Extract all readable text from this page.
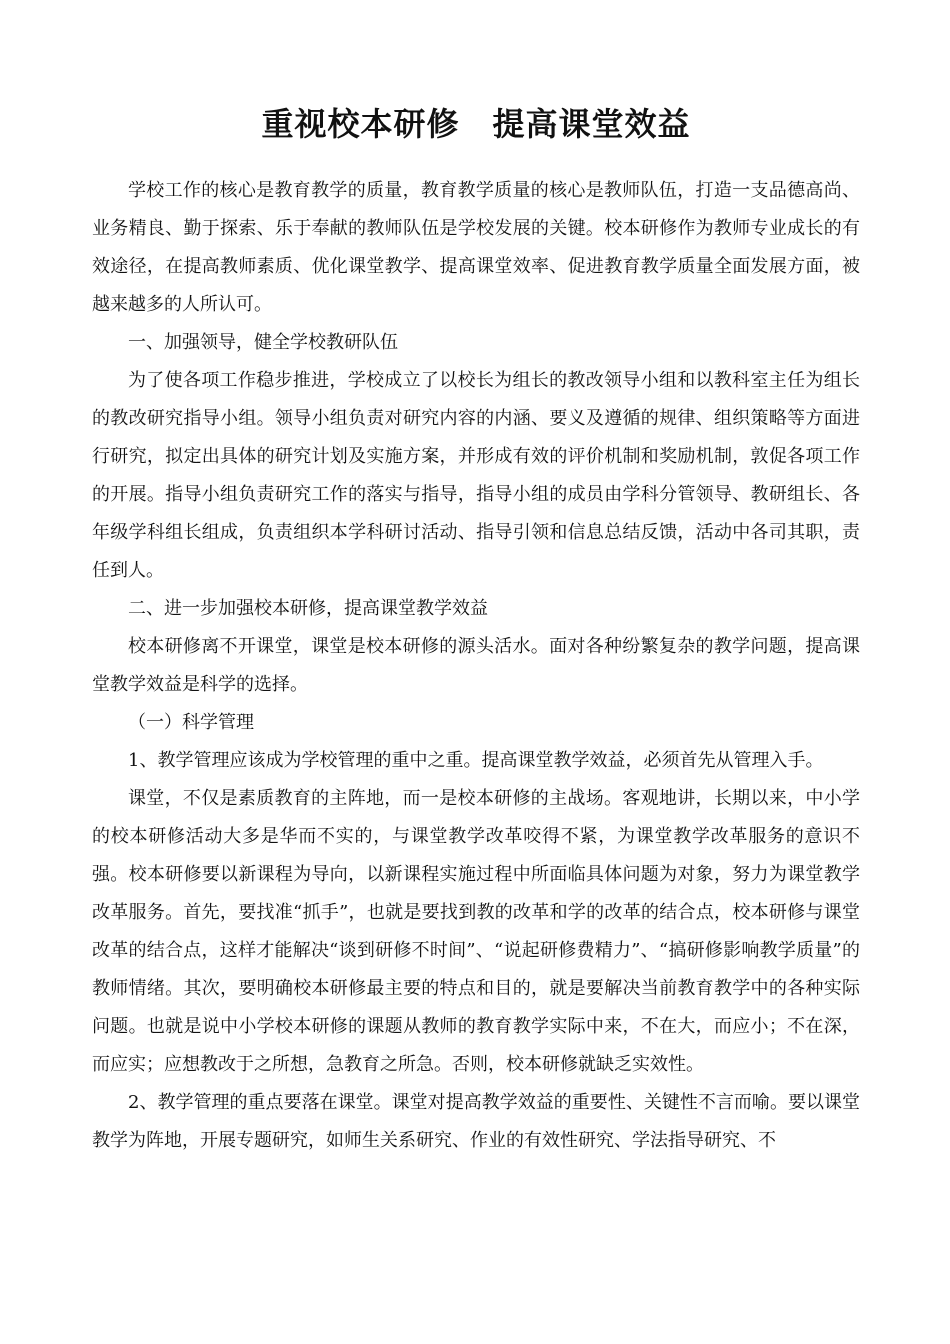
重视校本研修　提高课堂效益

学校工作的核心是教育教学的质量，教育教学质量的核心是教师队伍，打造一支品德高尚、业务精良、勤于探索、乐于奉献的教师队伍是学校发展的关键。校本研修作为教师专业成长的有效途径，在提高教师素质、优化课堂教学、提高课堂效率、促进教育教学质量全面发展方面，被越来越多的人所认可。

一、加强领导，健全学校教研队伍

为了使各项工作稳步推进，学校成立了以校长为组长的教改领导小组和以教科室主任为组长的教改研究指导小组。领导小组负责对研究内容的内涵、要义及遵循的规律、组织策略等方面进行研究，拟定出具体的研究计划及实施方案，并形成有效的评价机制和奖励机制，敦促各项工作的开展。指导小组负责研究工作的落实与指导，指导小组的成员由学科分管领导、教研组长、各年级学科组长组成，负责组织本学科研讨活动、指导引领和信息总结反馈，活动中各司其职，责任到人。

二、进一步加强校本研修，提高课堂教学效益

校本研修离不开课堂，课堂是校本研修的源头活水。面对各种纷繁复杂的教学问题，提高课堂教学效益是科学的选择。

（一）科学管理

1、教学管理应该成为学校管理的重中之重。提高课堂教学效益，必须首先从管理入手。

课堂，不仅是素质教育的主阵地，而一是校本研修的主战场。客观地讲，长期以来，中小学的校本研修活动大多是华而不实的，与课堂教学改革咬得不紧，为课堂教学改革服务的意识不强。校本研修要以新课程为导向，以新课程实施过程中所面临具体问题为对象，努力为课堂教学改革服务。首先，要找准“抓手”，也就是要找到教的改革和学的改革的结合点，校本研修与课堂改革的结合点，这样才能解决“谈到研修不时间”、“说起研修费精力”、“搞研修影响教学质量”的教师情绪。其次，要明确校本研修最主要的特点和目的，就是要解决当前教育教学中的各种实际问题。也就是说中小学校本研修的课题从教师的教育教学实际中来，不在大，而应小；不在深，而应实；应想教改于之所想，急教育之所急。否则，校本研修就缺乏实效性。

2、教学管理的重点要落在课堂。课堂对提高教学效益的重要性、关键性不言而喻。要以课堂教学为阵地，开展专题研究，如师生关系研究、作业的有效性研究、学法指导研究、不
